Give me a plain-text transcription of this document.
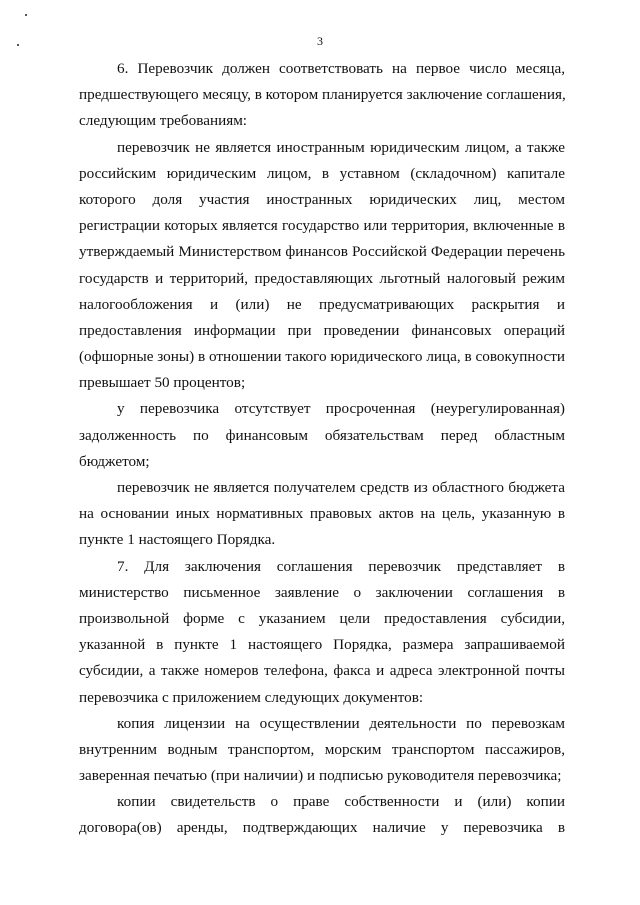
3
6. Перевозчик должен соответствовать на первое число месяца,
предшествующего месяцу, в котором планируется заключение соглашения,
следующим требованиям:
перевозчик не является иностранным юридическим лицом, а также
российским юридическим лицом, в уставном (складочном) капитале
которого доля участия иностранных юридических лиц, местом
регистрации которых является государство или территория, включенные в
утверждаемый Министерством финансов Российской Федерации перечень
государств и территорий, предоставляющих льготный налоговый режим
налогообложения и (или) не предусматривающих раскрытия и
предоставления информации при проведении финансовых операций
(офшорные зоны) в отношении такого юридического лица, в совокупности
превышает 50 процентов;
у перевозчика отсутствует просроченная (неурегулированная)
задолженность по финансовым обязательствам перед областным
бюджетом;
перевозчик не является получателем средств из областного бюджета
на основании иных нормативных правовых актов на цель, указанную в
пункте 1 настоящего Порядка.
7. Для заключения соглашения перевозчик представляет в
министерство письменное заявление о заключении соглашения в
произвольной форме с указанием цели предоставления субсидии,
указанной в пункте 1 настоящего Порядка, размера запрашиваемой
субсидии, а также номеров телефона, факса и адреса электронной почты
перевозчика с приложением следующих документов:
копия лицензии на осуществлении деятельности по перевозкам
внутренним водным транспортом, морским транспортом пассажиров,
заверенная печатью (при наличии) и подписью руководителя перевозчика;
копии свидетельств о праве собственности и (или) копии
договора(ов) аренды, подтверждающих наличие у перевозчика в
